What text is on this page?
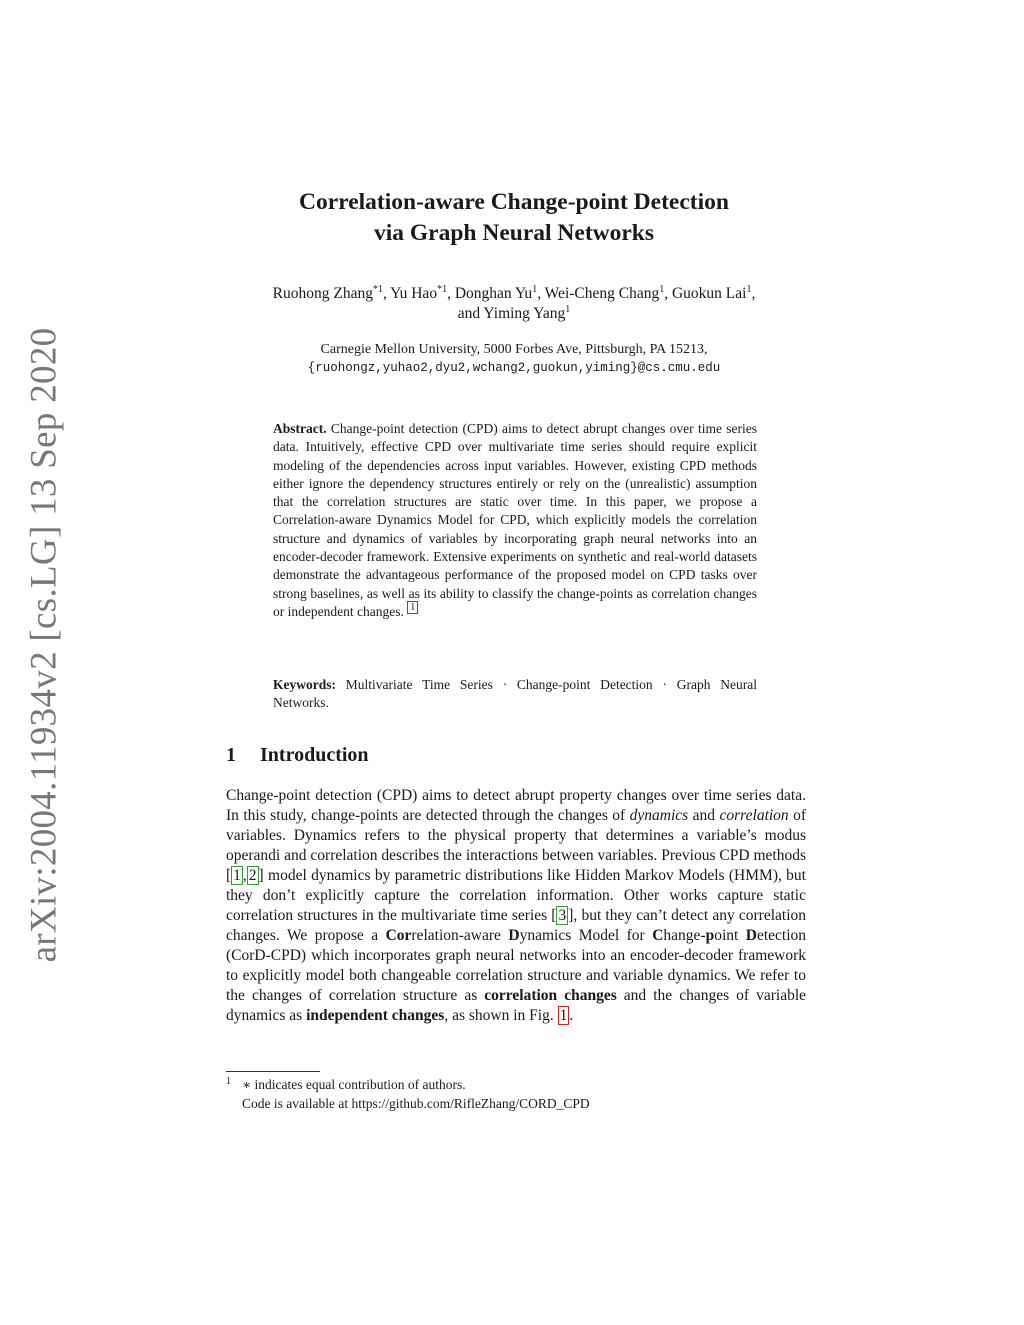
arXiv:2004.11934v2 [cs.LG] 13 Sep 2020
Correlation-aware Change-point Detection
via Graph Neural Networks
Ruohong Zhang$^{*1}$, Yu Hao$^{*1}$, Donghan Yu$^1$, Wei-Cheng Chang$^1$, Guokun Lai$^1$,
and Yiming Yang$^1$
Carnegie Mellon University, 5000 Forbes Ave, Pittsburgh, PA 15213,
{ruohongz,yuhao2,dyu2,wchang2,guokun,yiming}@cs.cmu.edu
Abstract. Change-point detection (CPD) aims to detect abrupt changes over time series data. Intuitively, effective CPD over multivariate time series should require explicit modeling of the dependencies across input variables. However, existing CPD methods either ignore the dependency structures entirely or rely on the (unrealistic) assumption that the correlation structures are static over time. In this paper, we propose a Correlation-aware Dynamics Model for CPD, which explicitly models the correlation structure and dynamics of variables by incorporating graph neural networks into an encoder-decoder framework. Extensive experiments on synthetic and real-world datasets demonstrate the advantageous performance of the proposed model on CPD tasks over strong baselines, as well as its ability to classify the change-points as correlation changes or independent changes. $^1$
Keywords: Multivariate Time Series · Change-point Detection · Graph Neural Networks.
1 Introduction
Change-point detection (CPD) aims to detect abrupt property changes over time series data. In this study, change-points are detected through the changes of dynamics and correlation of variables. Dynamics refers to the physical property that determines a variable’s modus operandi and correlation describes the interactions between variables. Previous CPD methods [ 1 , 2 ] model dynamics by parametric distributions like Hidden Markov Models (HMM), but they don’t explicitly capture the correlation information. Other works capture static correlation structures in the multivariate time series [ 3 ], but they can’t detect any correlation changes. We propose a Correlation-aware Dynamics Model for Change-point Detection (CorD-CPD) which incorporates graph neural networks into an encoder-decoder framework to explicitly model both changeable correlation structure and variable dynamics. We refer to the changes of correlation structure as correlation changes and the changes of variable dynamics as independent changes, as shown in Fig. 1 .
1 ∗ indicates equal contribution of authors.
Code is available at https://github.com/RifleZhang/CORD_CPD
